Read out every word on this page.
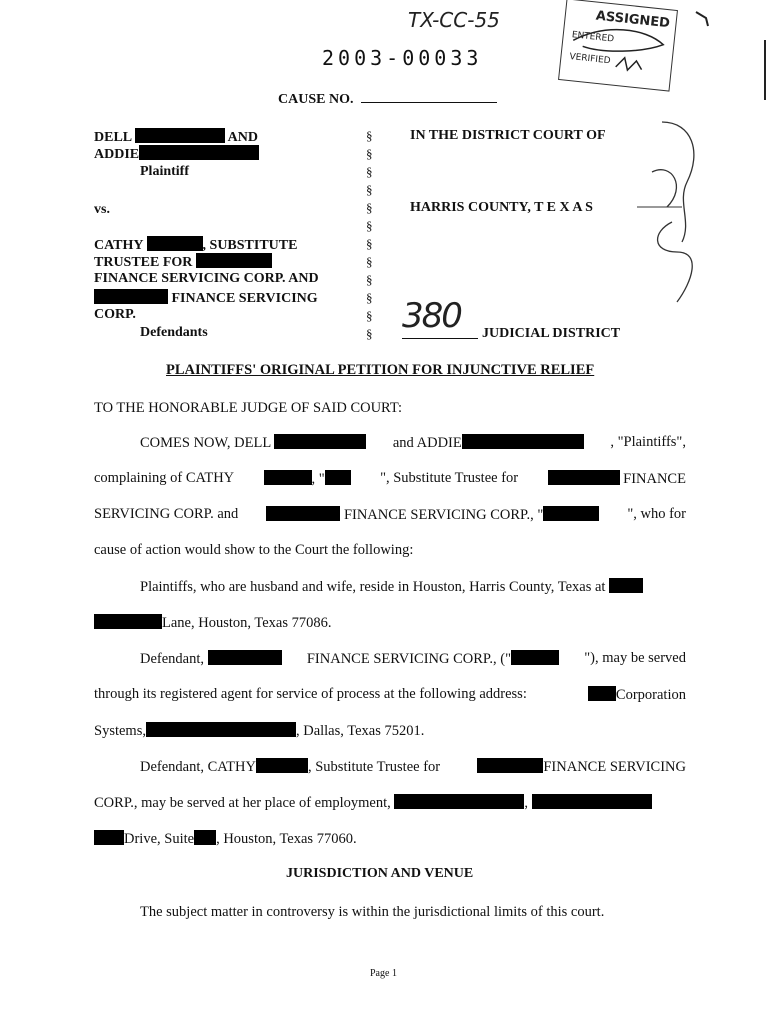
TX-CC-55
2003-00033
ASSIGNED
ENTERED
VERIFIED
CAUSE NO.
DELL	AND
ADDIE
Plaintiff
vs.
CATHY	, SUBSTITUTE
TRUSTEE FOR
FINANCE SERVICING CORP. AND
FINANCE SERVICING
CORP.
Defendants
§
§
§
§
§
§
§
§
§
§
§
§
IN THE DISTRICT COURT OF
HARRIS COUNTY, T E X A S
380 JUDICIAL DISTRICT
PLAINTIFFS' ORIGINAL PETITION FOR INJUNCTIVE RELIEF
TO THE HONORABLE JUDGE OF SAID COURT:
COMES NOW, DELL	and ADDIE	, "Plaintiffs",
complaining of CATHY	, "	", Substitute Trustee for	FINANCE
SERVICING CORP. and	FINANCE SERVICING CORP., "	", who for
cause of action would show to the Court the following:
Plaintiffs, who are husband and wife, reside in Houston, Harris County, Texas at
Lane, Houston, Texas 77086.
Defendant,	FINANCE SERVICING CORP., ("	"), may be served
through its registered agent for service of process at the following address:	Corporation
Systems,	, Dallas, Texas 75201.
Defendant, CATHY	, Substitute Trustee for	FINANCE SERVICING
CORP., may be served at her place of employment,	,
Drive, Suite , Houston, Texas 77060.
JURISDICTION AND VENUE
The subject matter in controversy is within the jurisdictional limits of this court.
Page 1
